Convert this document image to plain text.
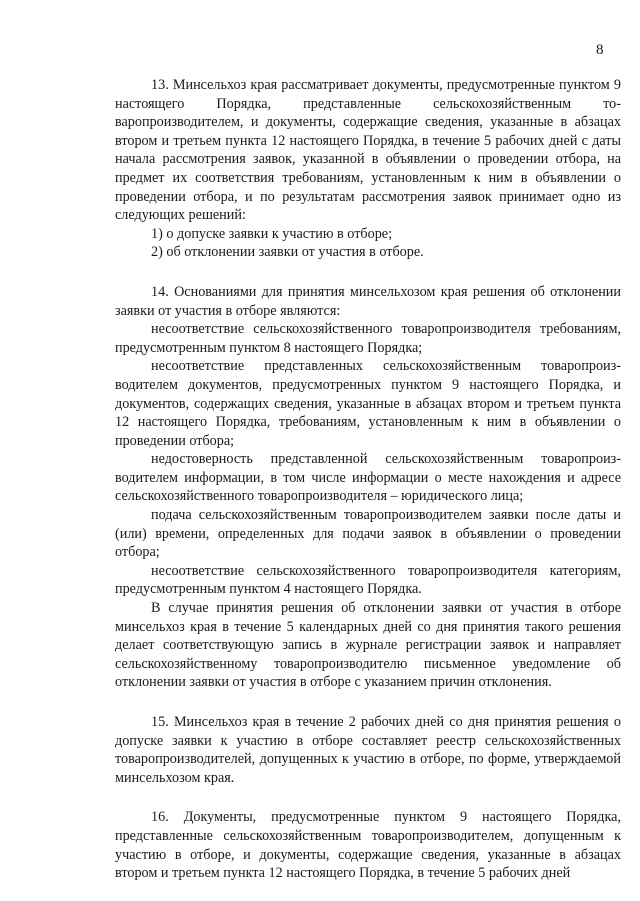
8

13. Минсельхоз края рассматривает документы, предусмотренные пунктом 9 настоящего Порядка, представленные сельскохозяйственным товаропроизводителем, и документы, содержащие сведения, указанные в абзацах втором и третьем пункта 12 настоящего Порядка, в течение 5 рабочих дней с даты начала рассмотрения заявок, указанной в объявлении о проведении отбора, на предмет их соответствия требованиям, установленным к ним в объявлении о проведении отбора, и по результатам рассмотрения заявок принимает одно из следующих решений:

1) о допуске заявки к участию в отборе;

2) об отклонении заявки от участия в отборе.

14. Основаниями для принятия минсельхозом края решения об отклонении заявки от участия в отборе являются:

несоответствие сельскохозяйственного товаропроизводителя требованиям, предусмотренным пунктом 8 настоящего Порядка;

несоответствие представленных сельскохозяйственным товаропроизводителем документов, предусмотренных пунктом 9 настоящего Порядка, и документов, содержащих сведения, указанные в абзацах втором и третьем пункта 12 настоящего Порядка, требованиям, установленным к ним в объявлении о проведении отбора;

недостоверность представленной сельскохозяйственным товаропроизводителем информации, в том числе информации о месте нахождения и адресе сельскохозяйственного товаропроизводителя – юридического лица;

подача сельскохозяйственным товаропроизводителем заявки после даты и (или) времени, определенных для подачи заявок в объявлении о проведении отбора;

несоответствие сельскохозяйственного товаропроизводителя категориям, предусмотренным пунктом 4 настоящего Порядка.

В случае принятия решения об отклонении заявки от участия в отборе минсельхоз края в течение 5 календарных дней со дня принятия такого решения делает соответствующую запись в журнале регистрации заявок и направляет сельскохозяйственному товаропроизводителю письменное уведомление об отклонении заявки от участия в отборе с указанием причин отклонения.

15. Минсельхоз края в течение 2 рабочих дней со дня принятия решения о допуске заявки к участию в отборе составляет реестр сельскохозяйственных товаропроизводителей, допущенных к участию в отборе, по форме, утверждаемой минсельхозом края.

16. Документы, предусмотренные пунктом 9 настоящего Порядка, представленные сельскохозяйственным товаропроизводителем, допущенным к участию в отборе, и документы, содержащие сведения, указанные в абзацах втором и третьем пункта 12 настоящего Порядка, в течение 5 рабочих дней
